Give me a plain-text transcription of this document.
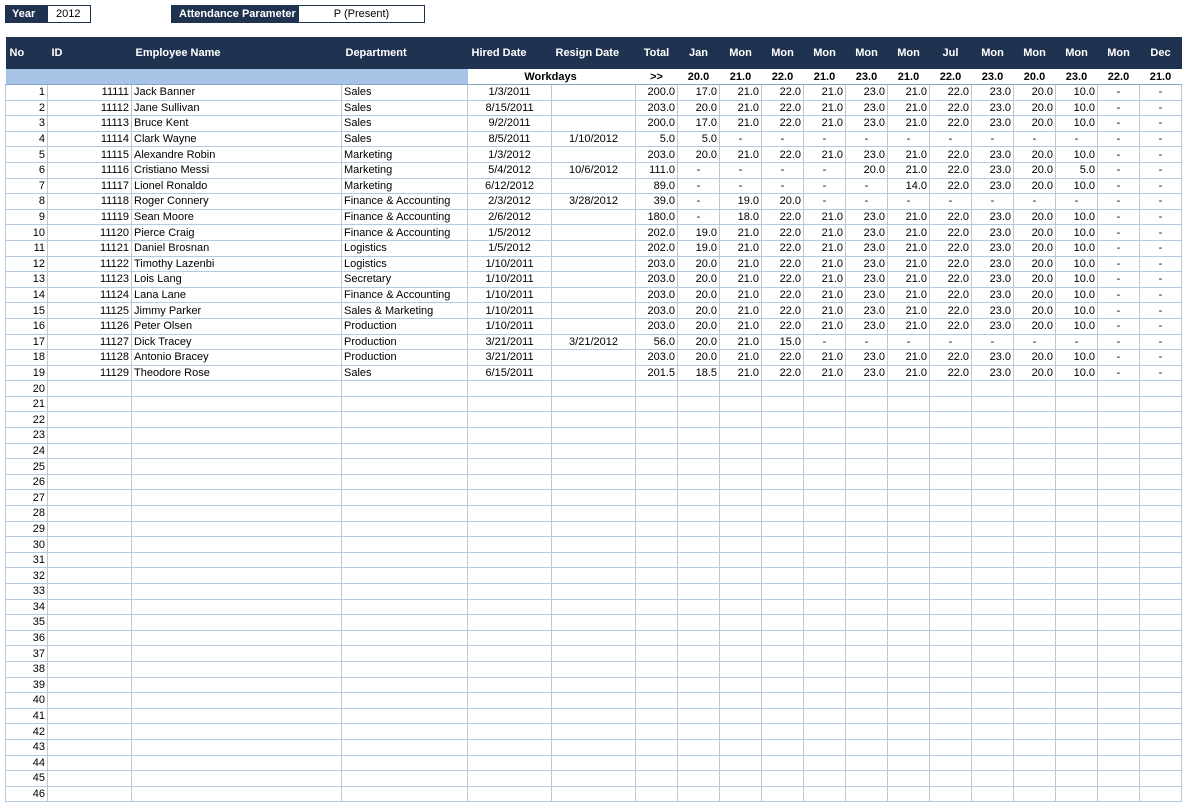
Year	2012	Attendance Parameter	P (Present)
No	ID	Employee Name	Department	Hired Date	Resign Date	Total	Jan	Mon	Mon	Mon	Mon	Mon	Jul	Mon	Mon	Mon	Mon	Dec
				Workdays		>>	20.0	21.0	22.0	21.0	23.0	21.0	22.0	23.0	20.0	23.0	22.0	21.0
1	11111	Jack Banner	Sales	1/3/2011		200.0	17.0	21.0	22.0	21.0	23.0	21.0	22.0	23.0	20.0	10.0	-	-
2	11112	Jane Sullivan	Sales	8/15/2011		203.0	20.0	21.0	22.0	21.0	23.0	21.0	22.0	23.0	20.0	10.0	-	-
3	11113	Bruce Kent	Sales	9/2/2011		200.0	17.0	21.0	22.0	21.0	23.0	21.0	22.0	23.0	20.0	10.0	-	-
4	11114	Clark Wayne	Sales	8/5/2011	1/10/2012	5.0	5.0	-	-	-	-	-	-	-	-	-	-	-
5	11115	Alexandre Robin	Marketing	1/3/2012		203.0	20.0	21.0	22.0	21.0	23.0	21.0	22.0	23.0	20.0	10.0	-	-
6	11116	Cristiano Messi	Marketing	5/4/2012	10/6/2012	111.0	-	-	-	-	20.0	21.0	22.0	23.0	20.0	5.0	-	-
7	11117	Lionel Ronaldo	Marketing	6/12/2012		89.0	-	-	-	-	-	14.0	22.0	23.0	20.0	10.0	-	-
8	11118	Roger Connery	Finance & Accounting	2/3/2012	3/28/2012	39.0	-	19.0	20.0	-	-	-	-	-	-	-	-	-
9	11119	Sean Moore	Finance & Accounting	2/6/2012		180.0	-	18.0	22.0	21.0	23.0	21.0	22.0	23.0	20.0	10.0	-	-
10	11120	Pierce Craig	Finance & Accounting	1/5/2012		202.0	19.0	21.0	22.0	21.0	23.0	21.0	22.0	23.0	20.0	10.0	-	-
11	11121	Daniel Brosnan	Logistics	1/5/2012		202.0	19.0	21.0	22.0	21.0	23.0	21.0	22.0	23.0	20.0	10.0	-	-
12	11122	Timothy Lazenbi	Logistics	1/10/2011		203.0	20.0	21.0	22.0	21.0	23.0	21.0	22.0	23.0	20.0	10.0	-	-
13	11123	Lois Lang	Secretary	1/10/2011		203.0	20.0	21.0	22.0	21.0	23.0	21.0	22.0	23.0	20.0	10.0	-	-
14	11124	Lana Lane	Finance & Accounting	1/10/2011		203.0	20.0	21.0	22.0	21.0	23.0	21.0	22.0	23.0	20.0	10.0	-	-
15	11125	Jimmy Parker	Sales & Marketing	1/10/2011		203.0	20.0	21.0	22.0	21.0	23.0	21.0	22.0	23.0	20.0	10.0	-	-
16	11126	Peter Olsen	Production	1/10/2011		203.0	20.0	21.0	22.0	21.0	23.0	21.0	22.0	23.0	20.0	10.0	-	-
17	11127	Dick Tracey	Production	3/21/2011	3/21/2012	56.0	20.0	21.0	15.0	-	-	-	-	-	-	-	-	-
18	11128	Antonio Bracey	Production	3/21/2011		203.0	20.0	21.0	22.0	21.0	23.0	21.0	22.0	23.0	20.0	10.0	-	-
19	11129	Theodore Rose	Sales	6/15/2011		201.5	18.5	21.0	22.0	21.0	23.0	21.0	22.0	23.0	20.0	10.0	-	-
20																		
21																		
22																		
23																		
24																		
25																		
26																		
27																		
28																		
29																		
30																		
31																		
32																		
33																		
34																		
35																		
36																		
37																		
38																		
39																		
40																		
41																		
42																		
43																		
44																		
45																		
46																		
